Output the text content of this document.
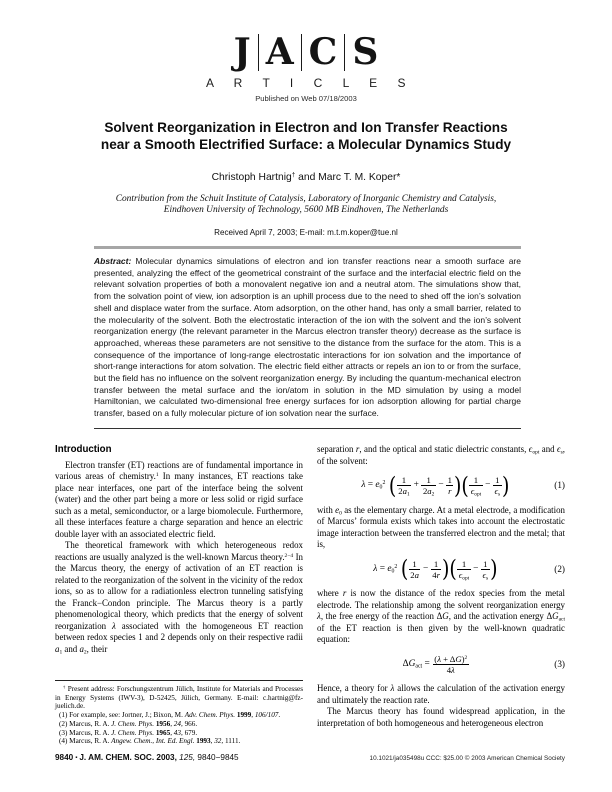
J A C S
A R T I C L E S
Published on Web 07/18/2003
Solvent Reorganization in Electron and Ion Transfer Reactions near a Smooth Electrified Surface: a Molecular Dynamics Study
Christoph Hartnig† and Marc T. M. Koper*
Contribution from the Schuit Institute of Catalysis, Laboratory of Inorganic Chemistry and Catalysis, Eindhoven University of Technology, 5600 MB Eindhoven, The Netherlands
Received April 7, 2003; E-mail: m.t.m.koper@tue.nl

Abstract: Molecular dynamics simulations of electron and ion transfer reactions near a smooth surface are presented, analyzing the effect of the geometrical constraint of the surface and the interfacial electric field on the relevant solvation properties of both a monovalent negative ion and a neutral atom. The simulations show that, from the solvation point of view, ion adsorption is an uphill process due to the need to shed off the ion’s solvation shell and displace water from the surface. Atom adsorption, on the other hand, has only a small barrier, related to the molecularity of the solvent. Both the electrostatic interaction of the ion with the solvent and the ion’s solvent reorganization energy (the relevant parameter in the Marcus electron transfer theory) decrease as the surface is approached, whereas these parameters are not sensitive to the distance from the surface for the atom. This is a consequence of the importance of long-range electrostatic interactions for ion solvation and the importance of short-range interactions for atom solvation. The electric field either attracts or repels an ion to or from the surface, but the field has no influence on the solvent reorganization energy. By including the quantum-mechanical electron transfer between the metal surface and the ion/atom in solution in the MD simulation by using a model Hamiltonian, we calculated two-dimensional free energy surfaces for ion adsorption allowing for partial charge transfer, based on a fully molecular picture of ion solvation near the surface.

Introduction

Electron transfer (ET) reactions are of fundamental importance in various areas of chemistry.$^1$ In many instances, ET reactions take place near interfaces, one part of the interface being the solvent (water) and the other part being a more or less solid or rigid surface such as a metal, semiconductor, or a large biomolecule. Furthermore, all these interfaces feature a charge separation and hence an electric double layer with an associated electric field.

The theoretical framework with which heterogeneous redox reactions are usually analyzed is the well-known Marcus theory.$^{2-4}$ In the Marcus theory, the energy of activation of an ET reaction is related to the reorganization of the solvent in the vicinity of the redox ions, so as to allow for a radiationless electron tunneling satisfying the Franck−Condon principle. The Marcus theory is a partly phenomenological theory, which predicts that the energy of solvent reorganization λ associated with the homogeneous ET reaction between redox species 1 and 2 depends only on their respective radii $a_1$ and $a_2$, their

† Present address: Forschungszentrum Jülich, Institute for Materials and Processes in Energy Systems (IWV-3), D-52425, Jülich, Germany. E-mail: c.hartnig@fz-juelich.de.

(1) For example, see: Jortner, J.; Bixon, M. Adv. Chem. Phys. 1999, 106/107.

(2) Marcus, R. A. J. Chem. Phys. 1956, 24, 966.

(3) Marcus, R. A. J. Chem. Phys. 1965, 43, 679.

(4) Marcus, R. A. Angew. Chem., Int. Ed. Engl. 1993, 32, 1111.

separation r, and the optical and static dielectric constants, $\epsilon_{opt}$ and $\epsilon_s$, of the solvent:

$\lambda = e_0^2$ ( $\frac{1}{2a_1} + \frac{1}{2a_2} - \frac{1}{r}$ )( $\frac{1}{\epsilon_{opt}} - \frac{1}{\epsilon_s}$ )	(1)

with $e_0$ as the elementary charge. At a metal electrode, a modification of Marcus’ formula exists which takes into account the electrostatic image interaction between the transferred electron and the metal; that is,

$\lambda = e_0^2$ ( $\frac{1}{2a} - \frac{1}{4r}$ )( $\frac{1}{\epsilon_{opt}} - \frac{1}{\epsilon_s}$ )	(2)

where r is now the distance of the redox species from the metal electrode. The relationship among the solvent reorganization energy λ, the free energy of the reaction ΔG, and the activation energy $\Delta G_{act}$ of the ET reaction is then given by the well-known quadratic equation:

$\Delta G_{act} = \frac{(\lambda + \Delta G)^2}{4\lambda}$	(3)

Hence, a theory for λ allows the calculation of the activation energy and ultimately the reaction rate.

The Marcus theory has found widespread application, in the interpretation of both homogeneous and heterogeneous electron

9840 ▪ J. AM. CHEM. SOC. 2003, 125, 9840−9845	10.1021/ja035498u CCC: $25.00 © 2003 American Chemical Society
